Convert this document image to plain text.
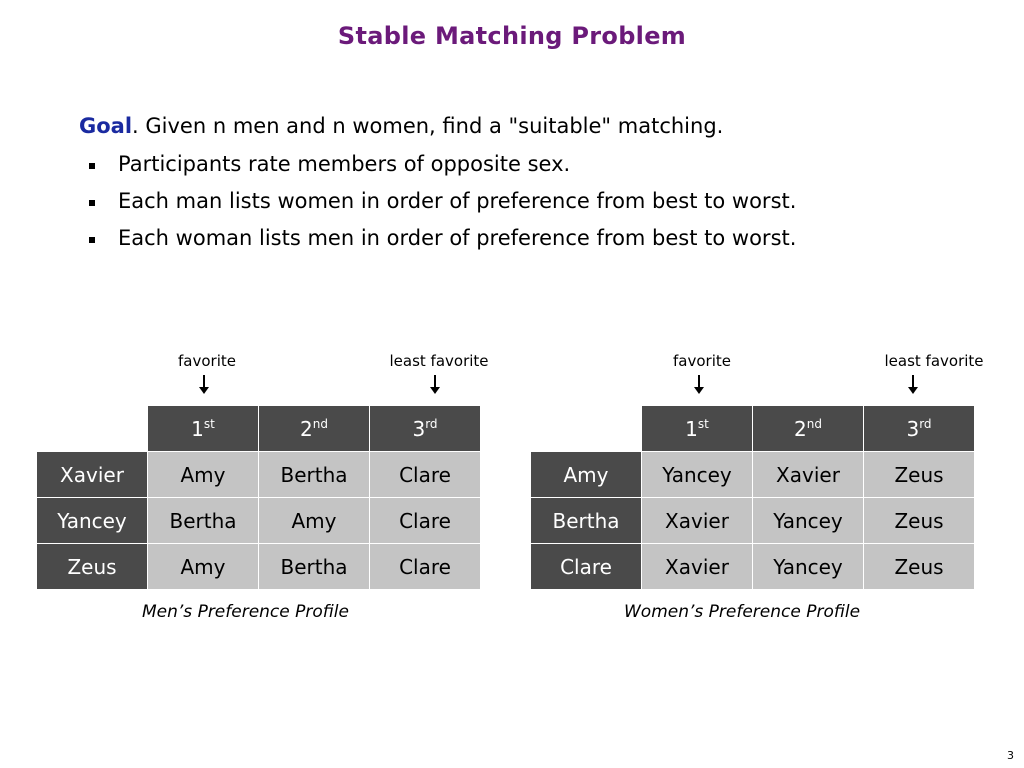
Stable Matching Problem
Goal. Given n men and n women, find a "suitable" matching.
Participants rate members of opposite sex.
Each man lists women in order of preference from best to worst.
Each woman lists men in order of preference from best to worst.
favorite	least favorite	favorite	least favorite
	1st	2nd	3rd
Xavier	Amy	Bertha	Clare
Yancey	Bertha	Amy	Clare
Zeus	Amy	Bertha	Clare
	1st	2nd	3rd
Amy	Yancey	Xavier	Zeus
Bertha	Xavier	Yancey	Zeus
Clare	Xavier	Yancey	Zeus
Men’s Preference Profile	Women’s Preference Profile
3
